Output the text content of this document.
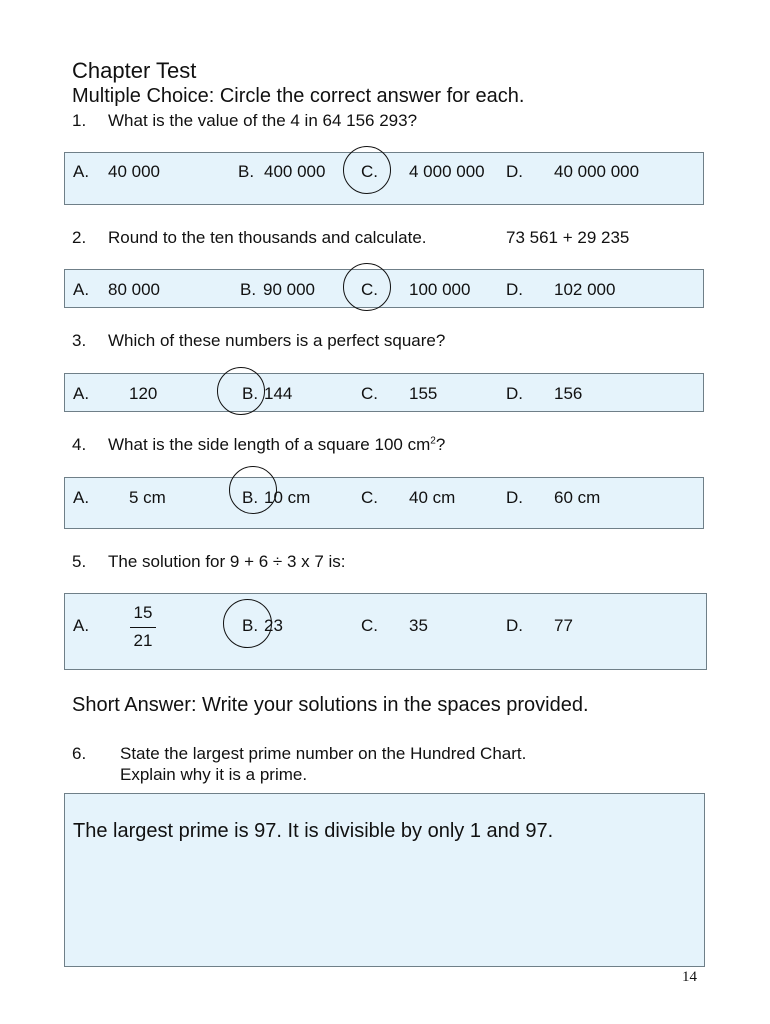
Chapter Test
Multiple Choice: Circle the correct answer for each.
1. What is the value of the 4 in 64 156 293?
A. 40 000	B. 400 000 C. 4 000 000 D. 40 000 000
2. Round to the ten thousands and calculate.	73 561 + 29 235
A. 80 000	B. 90 000	C. 100 000 D. 102 000
3. Which of these numbers is a perfect square?
A. 120	B. 144	C. 155	D. 156
4. What is the side length of a square 100 $cm^2$?
A. 5 cm	B. 10 cm	C. 40 cm	D. 60 cm
5. The solution for 9 + 6 ÷ 3 x 7 is:
A.
15
21
B. 23	C. 35	D. 77
Short Answer: Write your solutions in the spaces provided.
6. State the largest prime number on the Hundred Chart.
Explain why it is a prime.
The largest prime is 97. It is divisible by only 1 and 97.
14
